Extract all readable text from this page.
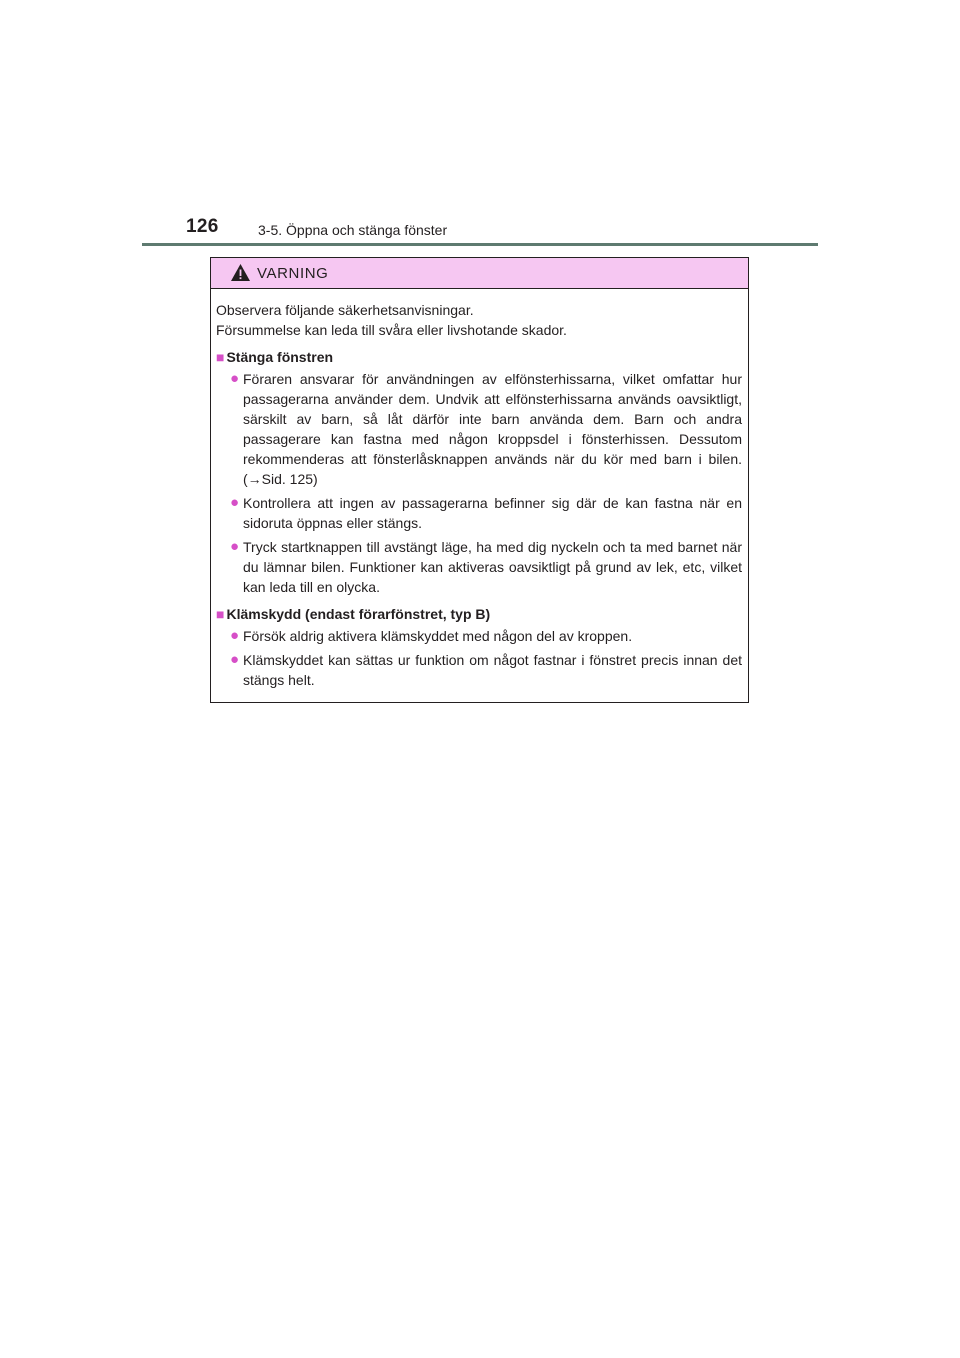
126	3-5. Öppna och stänga fönster
VARNING

Observera följande säkerhetsanvisningar.

Försummelse kan leda till svåra eller livshotande skador.

■ Stänga fönstren
● Föraren ansvarar för användningen av elfönsterhissarna, vilket omfattar hur passagerarna använder dem. Undvik att elfönsterhissarna används oavsiktligt, särskilt av barn, så låt därför inte barn använda dem. Barn och andra passagerare kan fastna med någon kroppsdel i fönsterhissen. Dessutom rekommenderas att fönsterlåsknappen används när du kör med barn i bilen. (→Sid. 125)
● Kontrollera att ingen av passagerarna befinner sig där de kan fastna när en sidoruta öppnas eller stängs.
● Tryck startknappen till avstängt läge, ha med dig nyckeln och ta med barnet när du lämnar bilen. Funktioner kan aktiveras oavsiktligt på grund av lek, etc, vilket kan leda till en olycka.
■ Klämskydd (endast förarfönstret, typ B)
● Försök aldrig aktivera klämskyddet med någon del av kroppen.
● Klämskyddet kan sättas ur funktion om något fastnar i fönstret precis innan det stängs helt.
